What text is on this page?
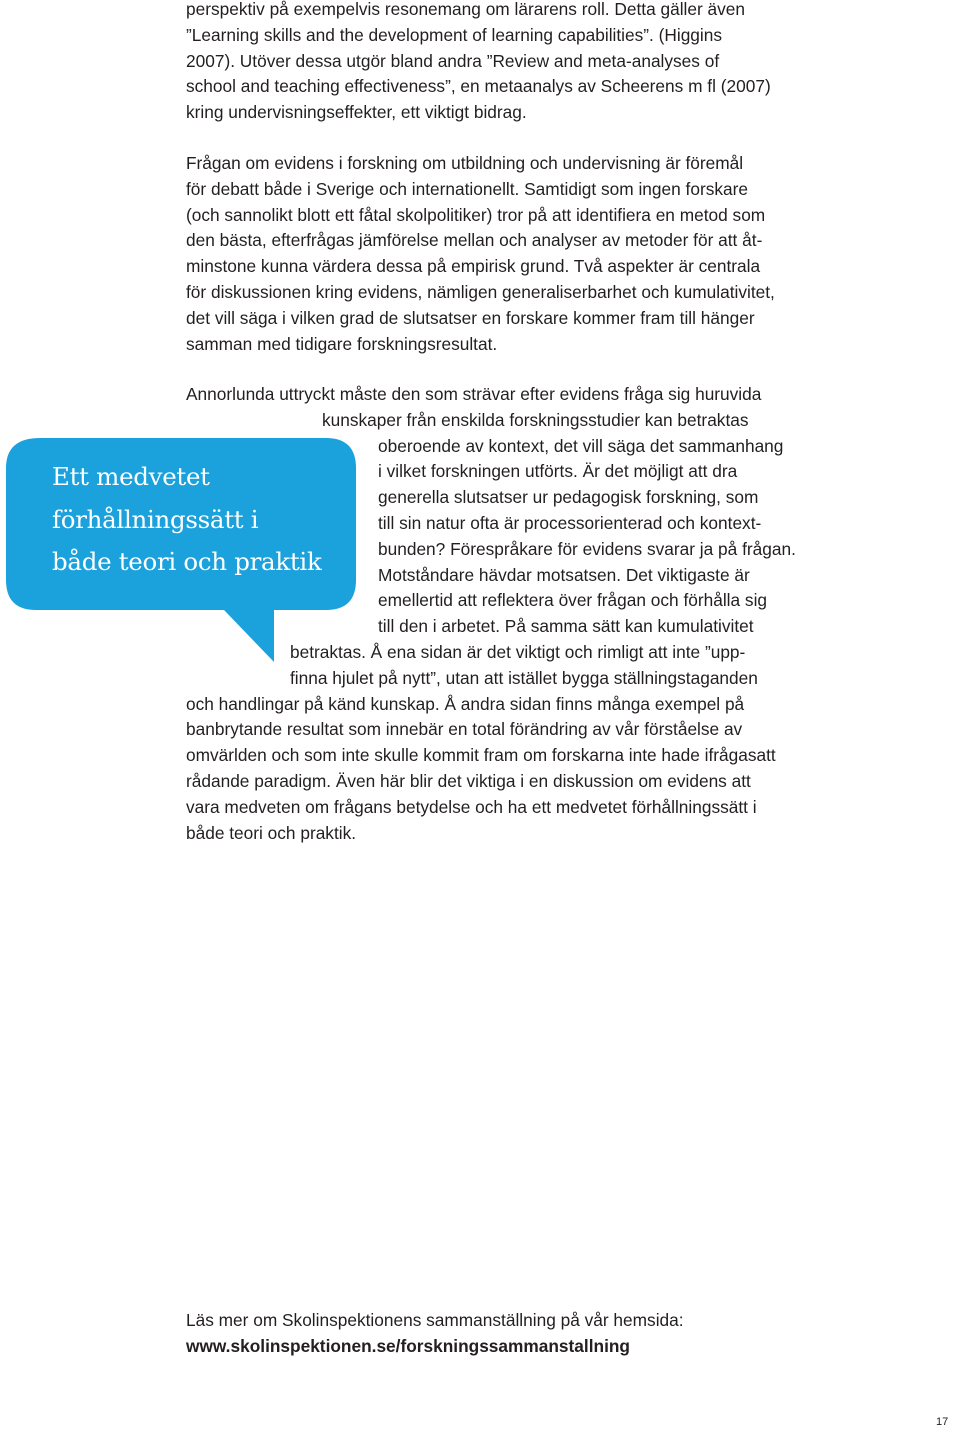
perspektiv på exempelvis resonemang om lärarens roll. Detta gäller även
”Learning skills and the development of learning capabilities”. (Higgins
2007). Utöver dessa utgör bland andra ”Review and meta-analyses of
school and teaching effectiveness”, en metaanalys av Scheerens m fl (2007)
kring undervisningseffekter, ett viktigt bidrag.
Frågan om evidens i forskning om utbildning och undervisning är föremål
för debatt både i Sverige och internationellt. Samtidigt som ingen forskare
(och sannolikt blott ett fåtal skolpolitiker) tror på att identifiera en metod som
den bästa, efterfrågas jämförelse mellan och analyser av metoder för att åt-
minstone kunna värdera dessa på empirisk grund. Två aspekter är centrala
för diskussionen kring evidens, nämligen generaliserbarhet och kumulativitet,
det vill säga i vilken grad de slutsatser en forskare kommer fram till hänger
samman med tidigare forskningsresultat.
Ett medvetet
förhållningssätt i
både teori och praktik
Annorlunda uttryckt måste den som strävar efter evidens fråga sig huruvida
kunskaper från enskilda forskningsstudier kan betraktas
oberoende av kontext, det vill säga det sammanhang
i vilket forskningen utförts. Är det möjligt att dra
generella slutsatser ur pedagogisk forskning, som
till sin natur ofta är processorienterad och kontext-
bunden? Förespråkare för evidens svarar ja på frågan.
Motståndare hävdar motsatsen. Det viktigaste är
emellertid att reflektera över frågan och förhålla sig
till den i arbetet. På samma sätt kan kumulativitet
betraktas. Å ena sidan är det viktigt och rimligt att inte ”upp-
finna hjulet på nytt”, utan att istället bygga ställningstaganden
och handlingar på känd kunskap. Å andra sidan finns många exempel på
banbrytande resultat som innebär en total förändring av vår förståelse av
omvärlden och som inte skulle kommit fram om forskarna inte hade ifrågasatt
rådande paradigm. Även här blir det viktiga i en diskussion om evidens att
vara medveten om frågans betydelse och ha ett medvetet förhållningssätt i
både teori och praktik.
Läs mer om Skolinspektionens sammanställning på vår hemsida:
www.skolinspektionen.se/forskningssammanstallning
17
